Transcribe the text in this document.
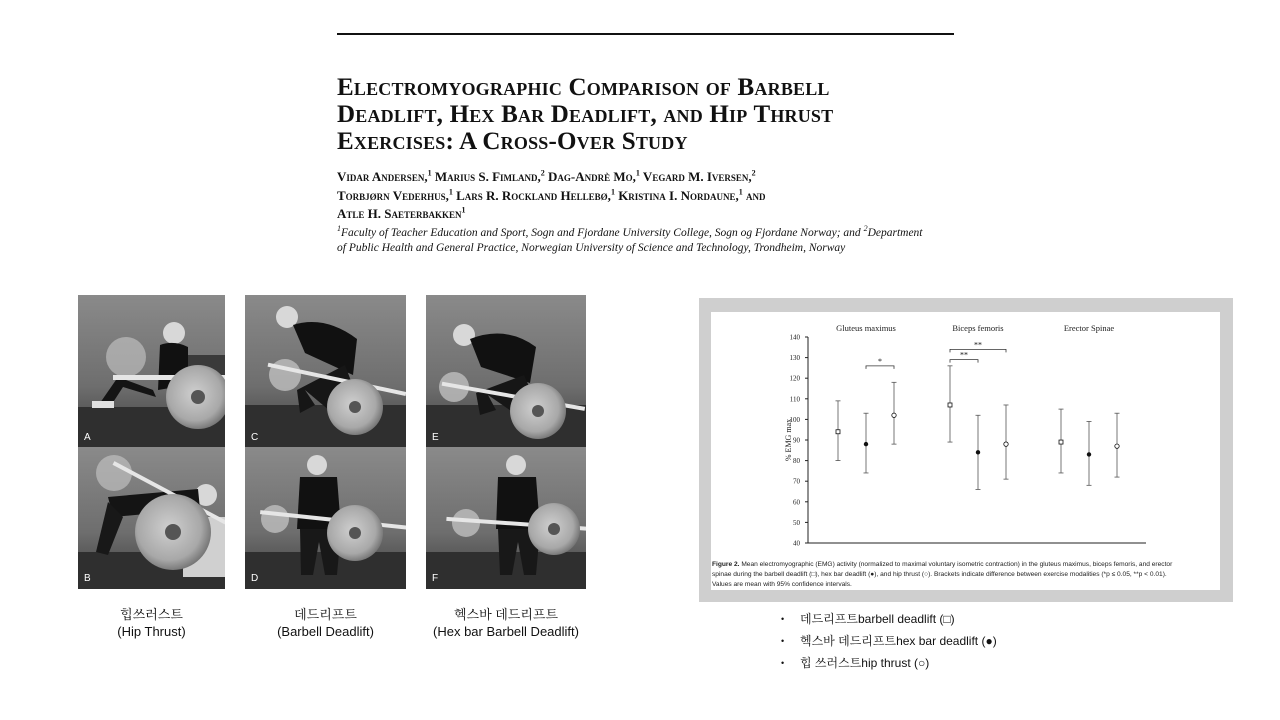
Electromyographic Comparison of Barbell
Deadlift, Hex Bar Deadlift, and Hip Thrust
Exercises: A Cross-Over Study
Vidar Andersen,$^1$ Marius S. Fimland,$^2$ Dag-Andrè Mo,$^1$ Vegard M. Iversen,$^2$
Torbjørn Vederhus,$^1$ Lars R. Rockland Hellebø,$^1$ Kristina I. Nordaune,$^1$ and
Atle H. Saeterbakken$^1$
$^1$Faculty of Teacher Education and Sport, Sogn and Fjordane University College, Sogn og Fjordane Norway; and $^2$Department
of Public Health and General Practice, Norwegian University of Science and Technology, Trondheim, Norway
A
B
C
D
E
F
힙쓰러스트
(Hip Thrust)
데드리프트
(Barbell Deadlift)
헥스바 데드리프트
(Hex bar Barbell Deadlift)
40
50
60
70
80
90
100
110
120
130
140
% EMG max
Gluteus maximus	Biceps femoris	Erector Spinae
*
**
**
Figure 2. Mean electromyographic (EMG) activity (normalized to maximal voluntary isometric contraction) in the gluteus maximus, biceps femoris, and erector
spinae during the barbell deadlift (□), hex bar deadlift (●), and hip thrust (○). Brackets indicate difference between exercise modalities (*p ≤ 0.05, **p < 0.01).
Values are mean with 95% confidence intervals.
• 데드리프트barbell deadlift (□)
• 헥스바 데드리프트hex bar deadlift (●)
• 힙 쓰러스트hip thrust (○)
